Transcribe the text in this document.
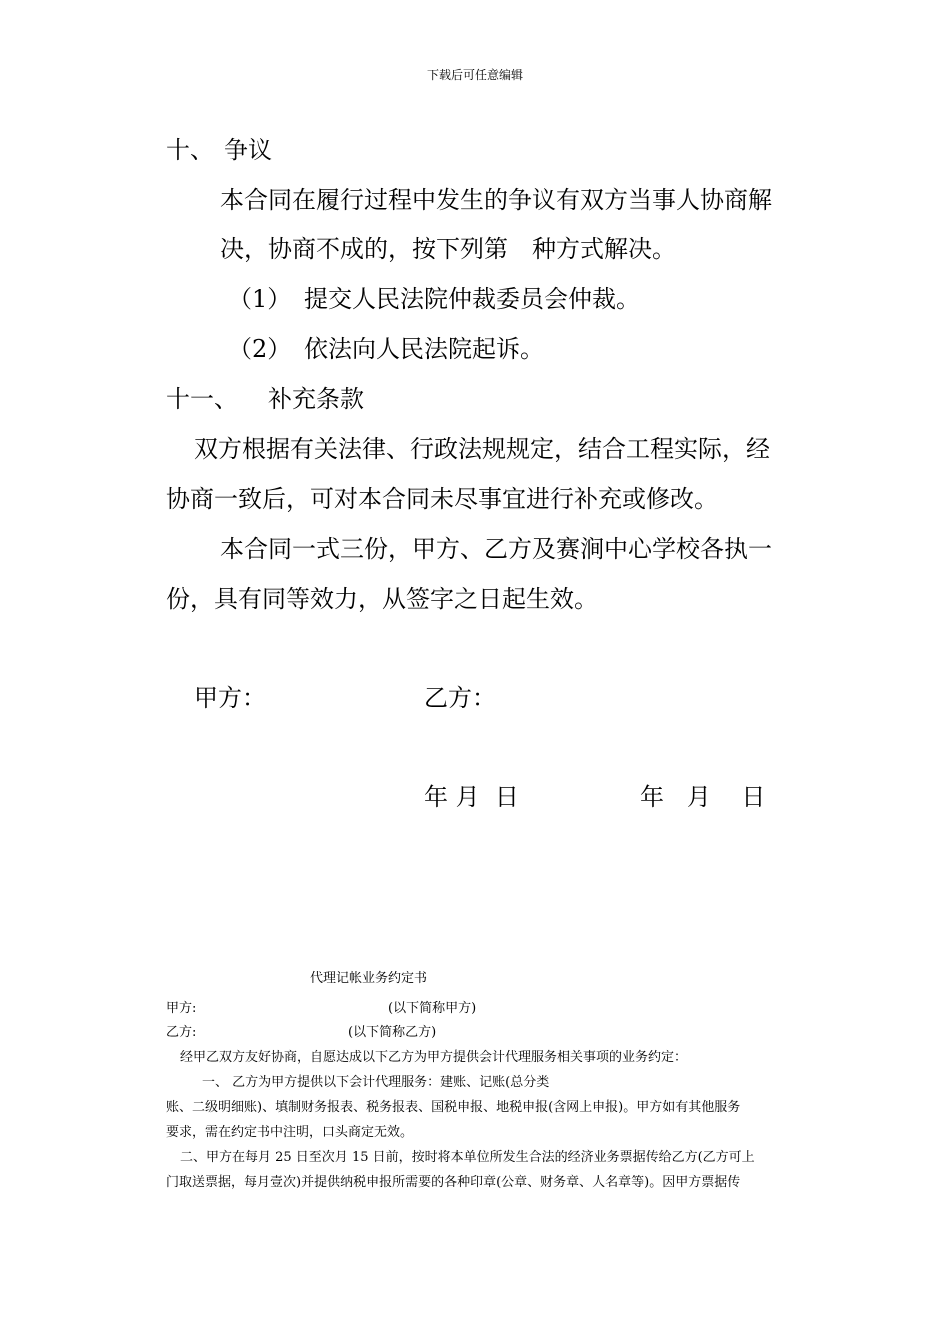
下载后可任意编辑
十、 争议
本合同在履行过程中发生的争议有双方当事人协商解
决，协商不成的，按下列第　种方式解决。
（1） 提交人民法院仲裁委员会仲裁。
（2） 依法向人民法院起诉。
十一、 补充条款
双方根据有关法律、行政法规规定，结合工程实际，经
协商一致后，可对本合同未尽事宜进行补充或修改。
本合同一式三份，甲方、乙方及赛涧中心学校各执一
份，具有同等效力，从签字之日起生效。
甲方：	乙方：
年 月  日	年   月    日
代理记帐业务约定书
甲方:	(以下简称甲方)
乙方:	(以下简称乙方)
经甲乙双方友好协商，自愿达成以下乙方为甲方提供会计代理服务相关事项的业务约定：
一、 乙方为甲方提供以下会计代理服务：建账、记账(总分类
账、二级明细账)、填制财务报表、税务报表、国税申报、地税申报(含网上申报)。甲方如有其他服务
要求，需在约定书中注明，口头商定无效。
二、甲方在每月 25 日至次月 15 日前，按时将本单位所发生合法的经济业务票据传给乙方(乙方可上
门取送票据，每月壹次)并提供纳税申报所需要的各种印章(公章、财务章、人名章等)。因甲方票据传
